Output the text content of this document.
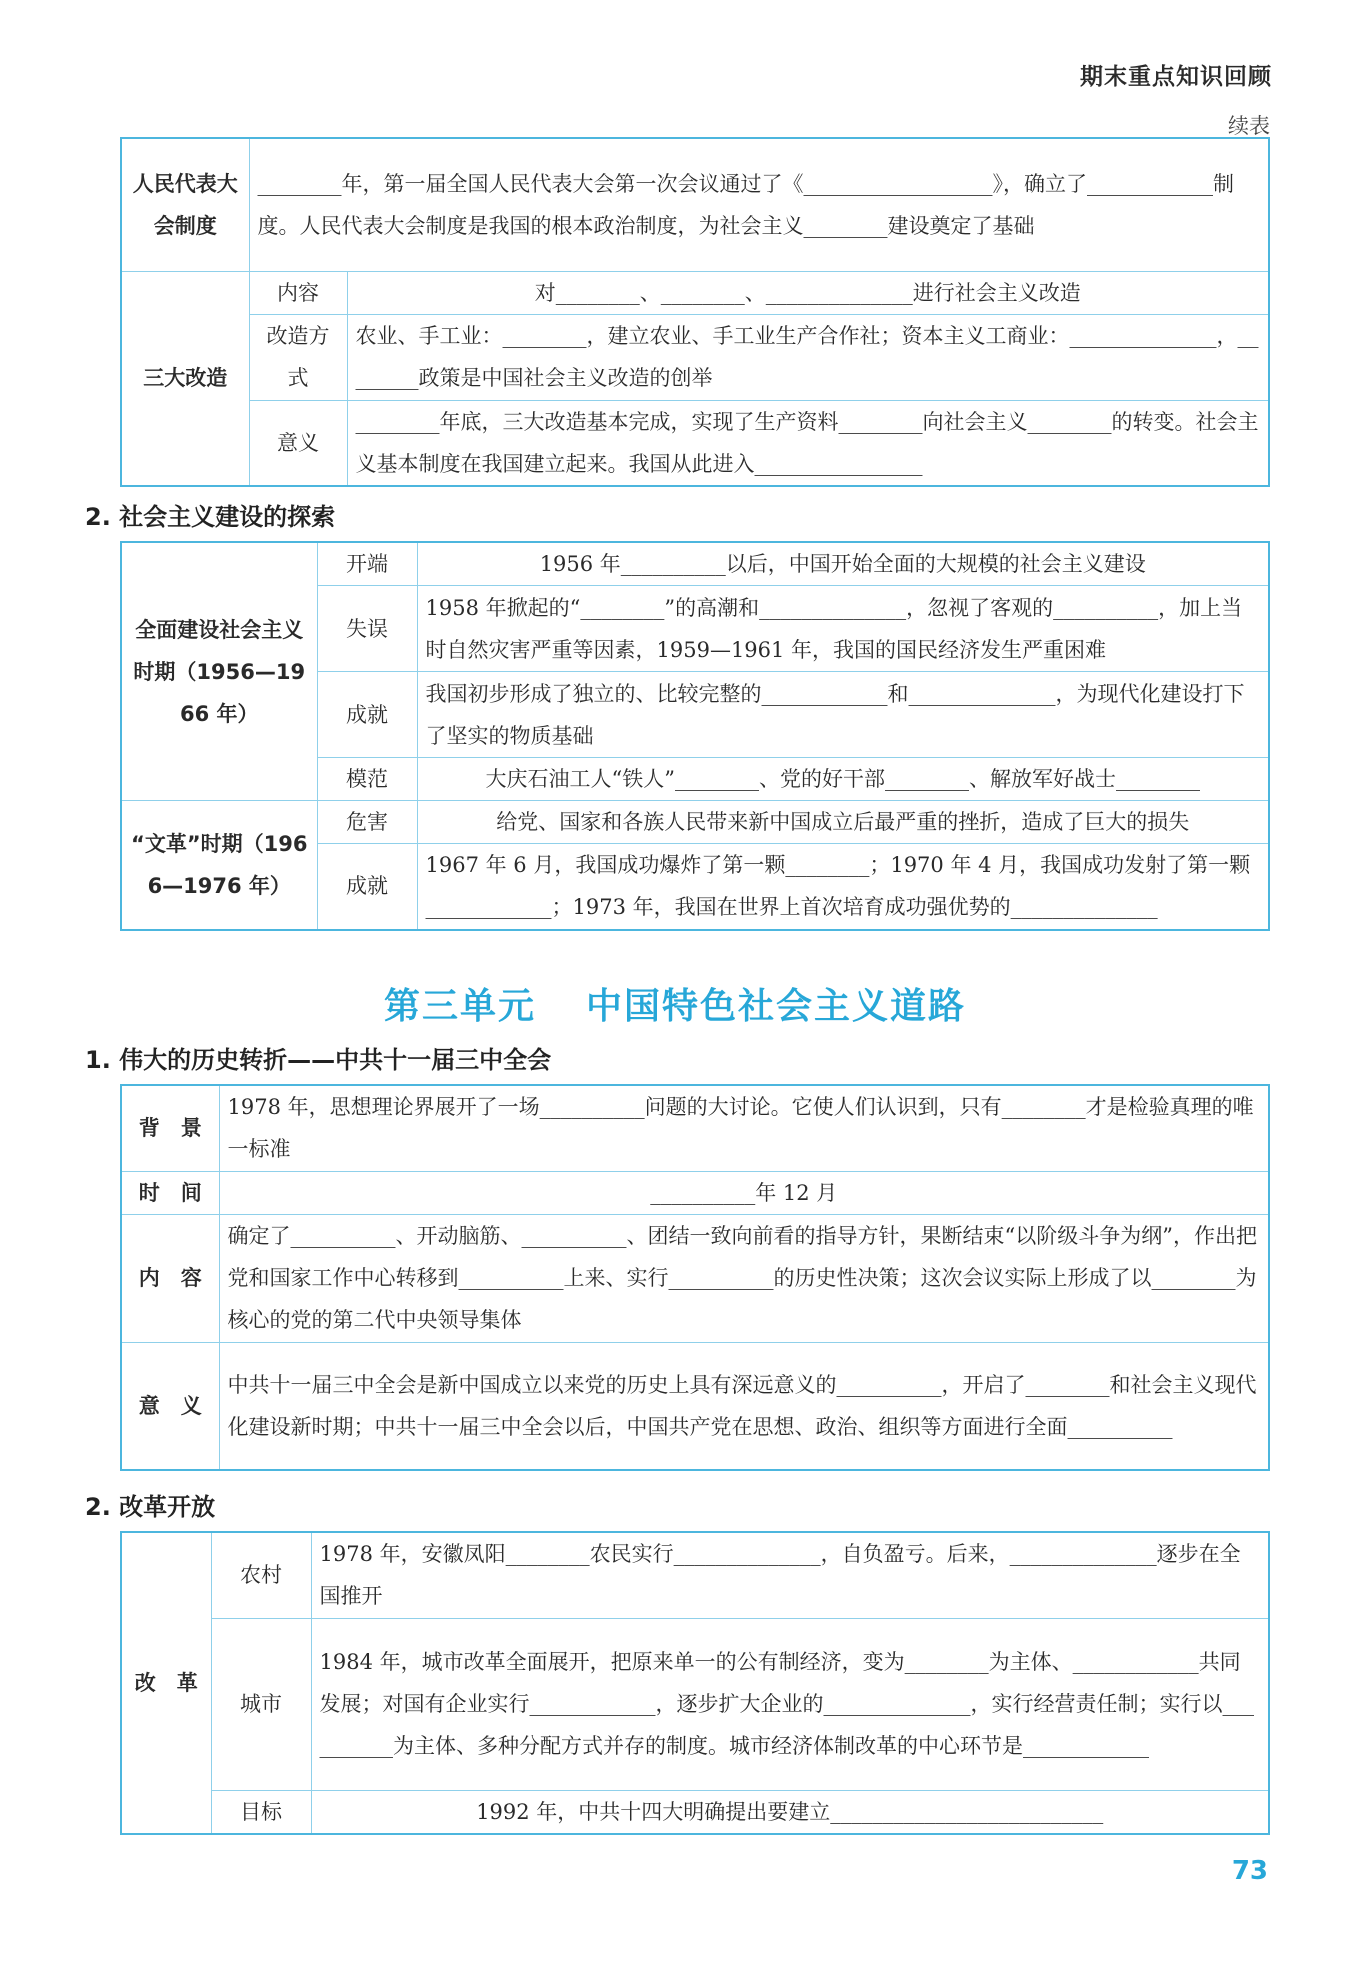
期末重点知识回顾
续表
人民代表大会制度	________年，第一届全国人民代表大会第一次会议通过了《__________________》，确立了____________制度。人民代表大会制度是我国的根本政治制度，为社会主义________建设奠定了基础	
三大改造	内容	对________、________、______________进行社会主义改造
	改造方式	农业、手工业：________，建立农业、手工业生产合作社；资本主义工商业：______________，________政策是中国社会主义改造的创举
	意义	________年底，三大改造基本完成，实现了生产资料________向社会主义________的转变。社会主义基本制度在我国建立起来。我国从此进入________________
2. 社会主义建设的探索
全面建设社会主义时期（1956—1966 年）	开端	1956 年__________以后，中国开始全面的大规模的社会主义建设
	失误	1958 年掀起的“________”的高潮和______________，忽视了客观的__________，加上当时自然灾害严重等因素，1959—1961 年，我国的国民经济发生严重困难
	成就	我国初步形成了独立的、比较完整的____________和______________，为现代化建设打下了坚实的物质基础
	模范	大庆石油工人“铁人”________、党的好干部________、解放军好战士________
“文革”时期（1966—1976 年）	危害	给党、国家和各族人民带来新中国成立后最严重的挫折，造成了巨大的损失
	成就	1967 年 6 月，我国成功爆炸了第一颗________；1970 年 4 月，我国成功发射了第一颗____________；1973 年，我国在世界上首次培育成功强优势的______________
第三单元 中国特色社会主义道路
1. 伟大的历史转折——中共十一届三中全会
背　景	1978 年，思想理论界展开了一场__________问题的大讨论。它使人们认识到，只有________才是检验真理的唯一标准
时　间	__________年 12 月
内　容	确定了__________、开动脑筋、__________、团结一致向前看的指导方针，果断结束“以阶级斗争为纲”，作出把党和国家工作中心转移到__________上来、实行__________的历史性决策；这次会议实际上形成了以________为核心的党的第二代中央领导集体
意　义	中共十一届三中全会是新中国成立以来党的历史上具有深远意义的__________，开启了________和社会主义现代化建设新时期；中共十一届三中全会以后，中国共产党在思想、政治、组织等方面进行全面__________
2. 改革开放
改　革	农村	1978 年，安徽凤阳________农民实行______________，自负盈亏。后来，______________逐步在全国推开
	城市	1984 年，城市改革全面展开，把原来单一的公有制经济，变为________为主体、____________共同发展；对国有企业实行____________，逐步扩大企业的______________，实行经营责任制；实行以__________为主体、多种分配方式并存的制度。城市经济体制改革的中心环节是____________
	目标	1992 年，中共十四大明确提出要建立__________________________
73
